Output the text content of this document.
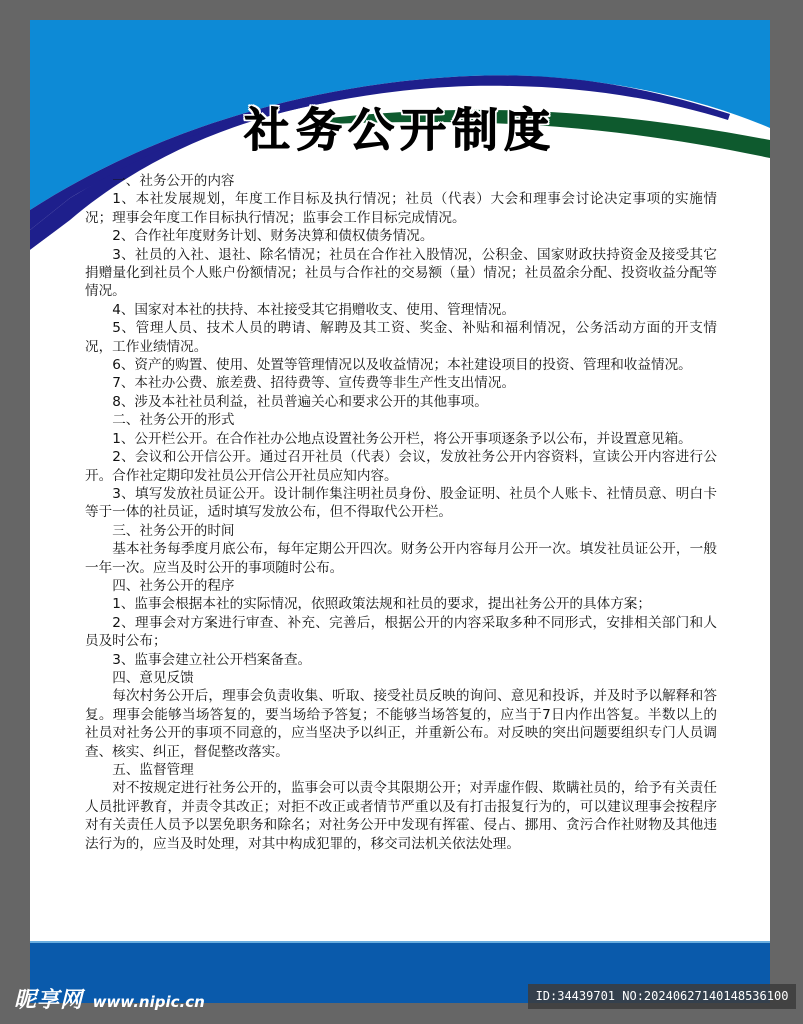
社务公开制度

一、社务公开的内容

1、本社发展规划，年度工作目标及执行情况；社员（代表）大会和理事会讨论决定事项的实施情况；理事会年度工作目标执行情况；监事会工作目标完成情况。

2、合作社年度财务计划、财务决算和债权债务情况。

3、社员的入社、退社、除名情况；社员在合作社入股情况，公积金、国家财政扶持资金及接受其它捐赠量化到社员个人账户份额情况；社员与合作社的交易额（量）情况；社员盈余分配、投资收益分配等情况。

4、国家对本社的扶持、本社接受其它捐赠收支、使用、管理情况。

5、管理人员、技术人员的聘请、解聘及其工资、奖金、补贴和福利情况，公务活动方面的开支情况，工作业绩情况。

6、资产的购置、使用、处置等管理情况以及收益情况；本社建设项目的投资、管理和收益情况。

7、本社办公费、旅差费、招待费等、宣传费等非生产性支出情况。

8、涉及本社社员利益，社员普遍关心和要求公开的其他事项。

二、社务公开的形式

1、公开栏公开。在合作社办公地点设置社务公开栏，将公开事项逐条予以公布，并设置意见箱。

2、会议和公开信公开。通过召开社员（代表）会议，发放社务公开内容资料，宣读公开内容进行公开。合作社定期印发社员公开信公开社员应知内容。

3、填写发放社员证公开。设计制作集注明社员身份、股金证明、社员个人账卡、社情员意、明白卡等于一体的社员证，适时填写发放公布，但不得取代公开栏。

三、社务公开的时间

基本社务每季度月底公布，每年定期公开四次。财务公开内容每月公开一次。填发社员证公开，一般一年一次。应当及时公开的事项随时公布。

四、社务公开的程序

1、监事会根据本社的实际情况，依照政策法规和社员的要求，提出社务公开的具体方案；

2、理事会对方案进行审查、补充、完善后，根据公开的内容采取多种不同形式，安排相关部门和人员及时公布；

3、监事会建立社公开档案备查。

四、意见反馈

每次村务公开后，理事会负责收集、听取、接受社员反映的询问、意见和投诉，并及时予以解释和答复。理事会能够当场答复的，要当场给予答复；不能够当场答复的，应当于7日内作出答复。半数以上的社员对社务公开的事项不同意的，应当坚决予以纠正，并重新公布。对反映的突出问题要组织专门人员调查、核实、纠正，督促整改落实。

五、监督管理

对不按规定进行社务公开的，监事会可以责令其限期公开；对弄虚作假、欺瞒社员的，给予有关责任人员批评教育，并责令其改正；对拒不改正或者情节严重以及有打击报复行为的，可以建议理事会按程序对有关责任人员予以罢免职务和除名；对社务公开中发现有挥霍、侵占、挪用、贪污合作社财物及其他违法行为的，应当及时处理，对其中构成犯罪的，移交司法机关依法处理。

昵享网 www.nipic.cn	ID:34439701 NO:20240627140148536100
